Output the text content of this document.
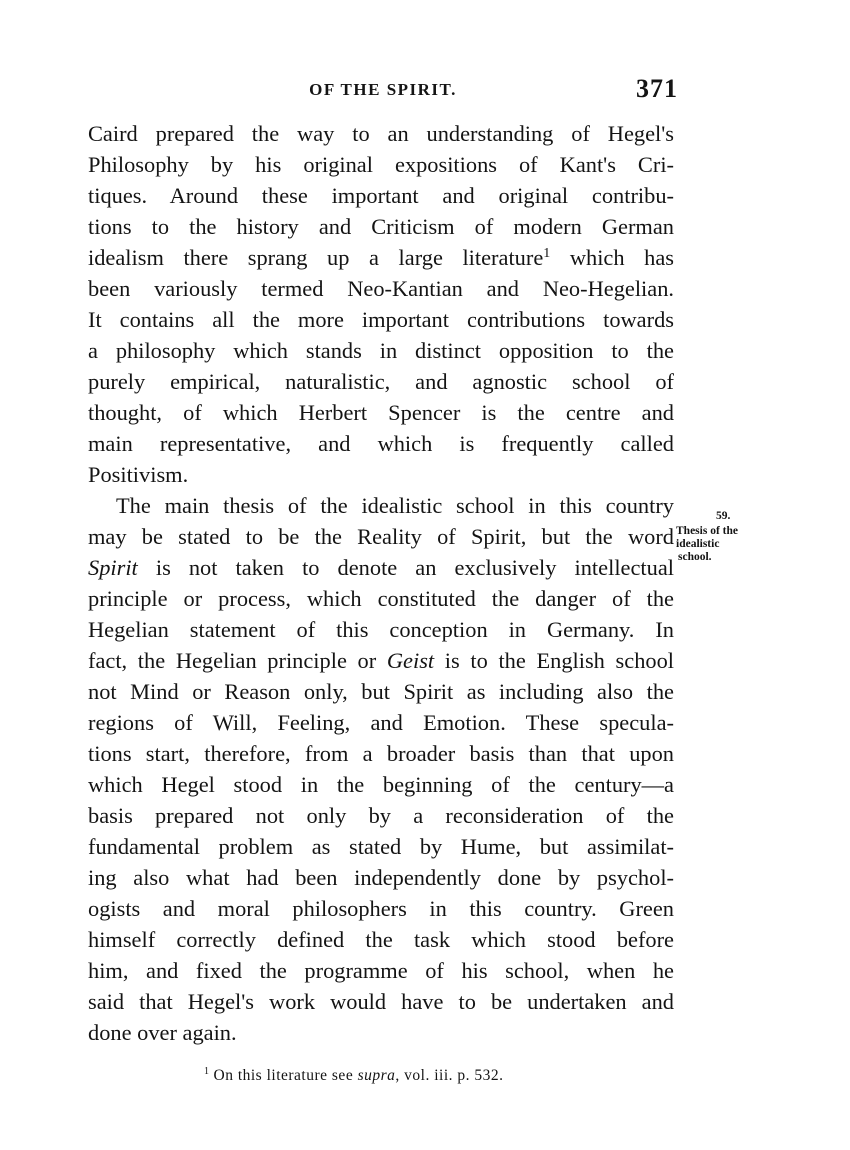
OF THE SPIRIT.	371
Caird prepared the way to an understanding of Hegel's
Philosophy by his original expositions of Kant's Cri-
tiques. Around these important and original contribu-
tions to the history and Criticism of modern German
idealism there sprang up a large literature$^1$ which has
been variously termed Neo-Kantian and Neo-Hegelian.
It contains all the more important contributions towards
a philosophy which stands in distinct opposition to the
purely empirical, naturalistic, and agnostic school of
thought, of which Herbert Spencer is the centre and
main representative, and which is frequently called
Positivism.
The main thesis of the idealistic school in this country
may be stated to be the Reality of Spirit, but the word
Spirit is not taken to denote an exclusively intellectual
principle or process, which constituted the danger of the
Hegelian statement of this conception in Germany. In
fact, the Hegelian principle or Geist is to the English school
not Mind or Reason only, but Spirit as including also the
regions of Will, Feeling, and Emotion. These specula-
tions start, therefore, from a broader basis than that upon
which Hegel stood in the beginning of the century—a
basis prepared not only by a reconsideration of the
fundamental problem as stated by Hume, but assimilat-
ing also what had been independently done by psychol-
ogists and moral philosophers in this country. Green
himself correctly defined the task which stood before
him, and fixed the programme of his school, when he
said that Hegel's work would have to be undertaken and
done over again.
59.
Thesis of the
idealistic
school.
$^1$ On this literature see supra, vol. iii. p. 532.
